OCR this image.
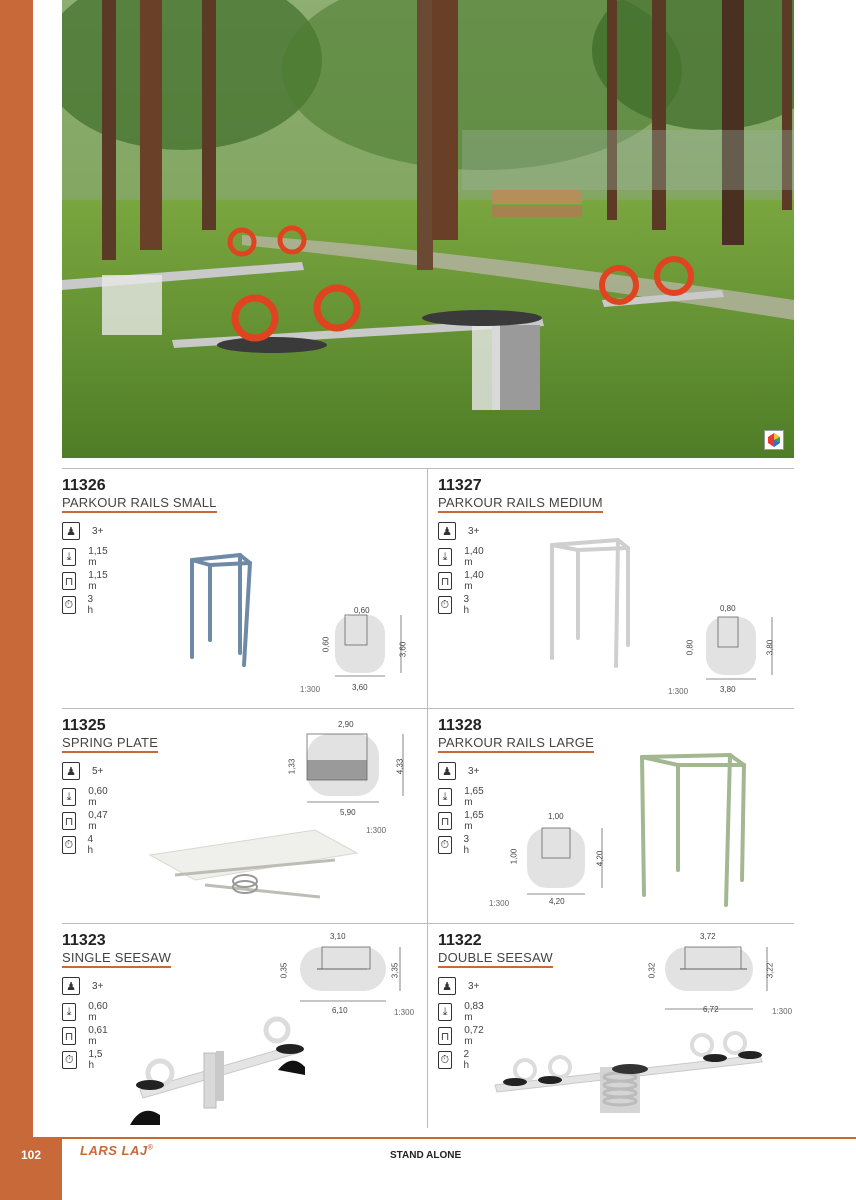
102
11326
PARKOUR RAILS SMALL
♟	3+
⤓	1,15 m
⊓ 1,15 m
⏱ 3 h	0,60
0,60	3,60
3,60
1:300
11327
PARKOUR RAILS MEDIUM
♟	3+
⤓	1,40 m
⊓ 1,40 m
⏱ 3 h	0,80
0,80	3,80
3,80
1:300
11325
SPRING PLATE
♟	5+
⤓	0,60 m
⊓ 0,47 m
⏱ 4 h
2,90
1,33	4,33
5,90
1:300
11328
PARKOUR RAILS LARGE
♟	3+
⤓	1,65 m
⊓ 1,65 m
⏱ 3 h
1,00
1,00	4,20
4,20
1:300
11323
SINGLE SEESAW
♟	3+
⤓	0,60 m
⊓ 0,61 m
⏱ 1,5 h
3,10
0,35	3,35
6,10	1:300
11322
DOUBLE SEESAW
♟	3+
⤓	0,83 m
⊓ 0,72 m
⏱ 2 h
3,72
0,32	3,22
6,72	1:300
LARS LAJ®
STAND ALONE
